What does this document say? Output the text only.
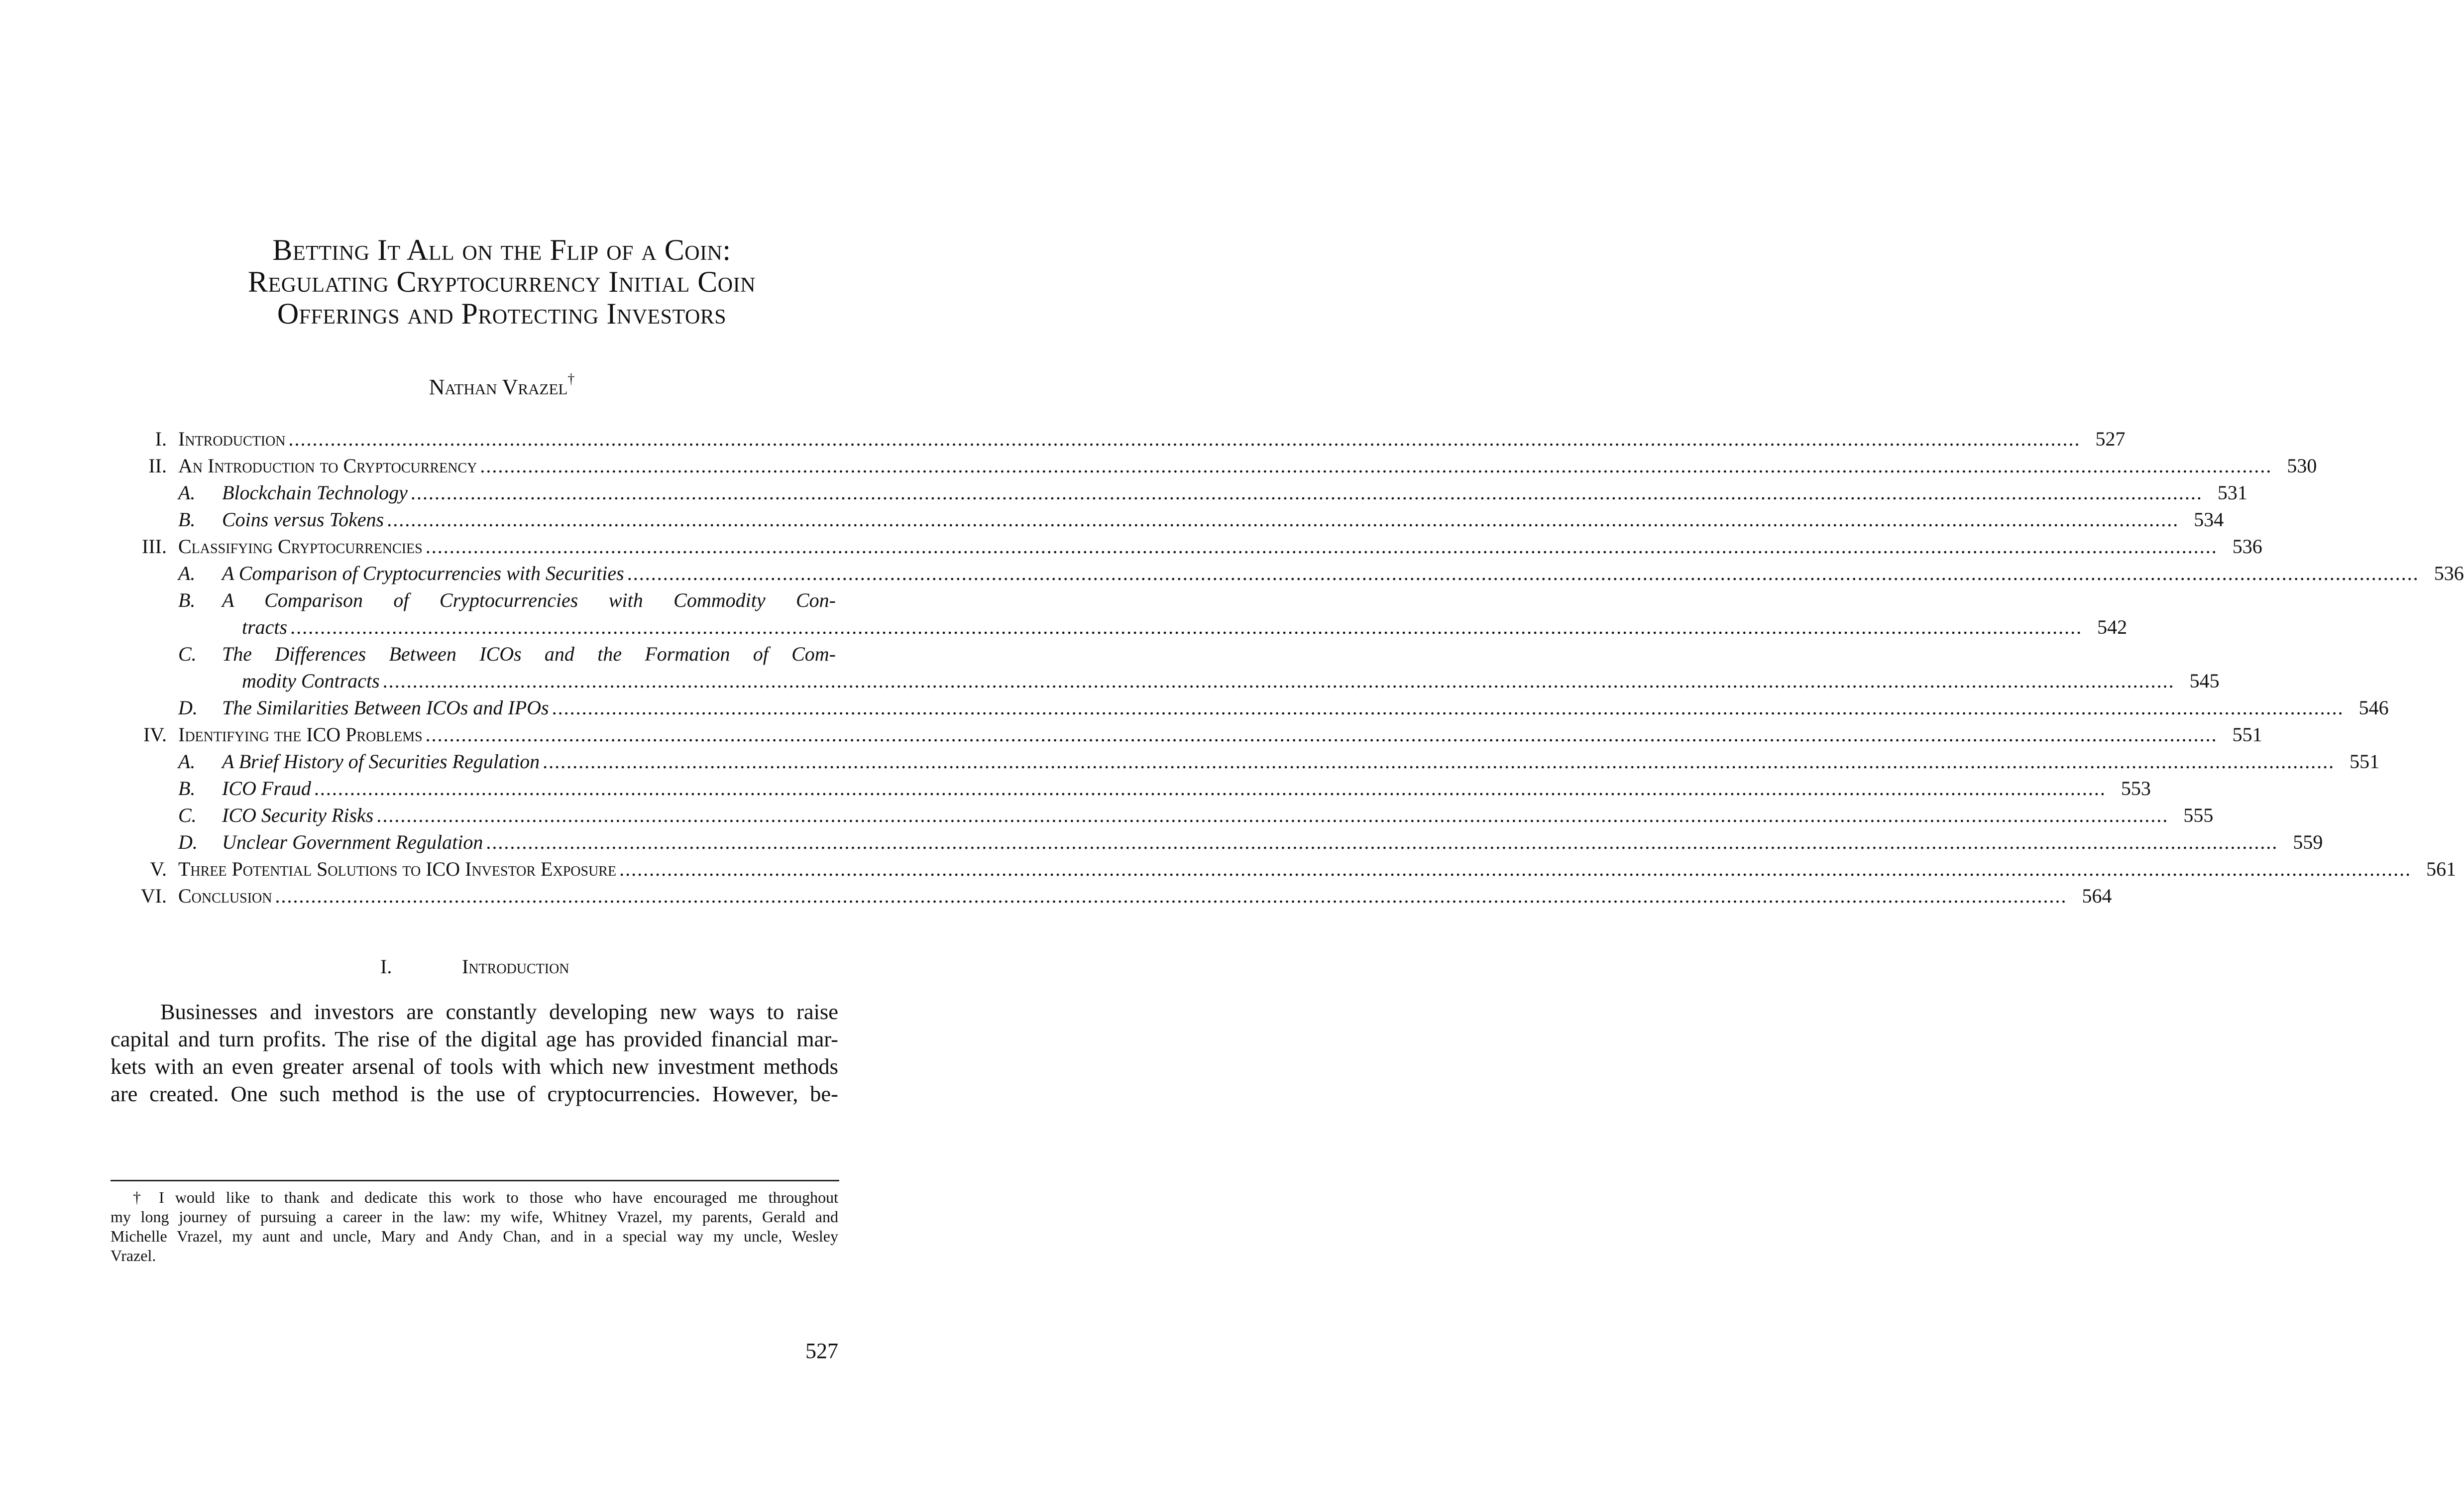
Betting It All on the Flip of a Coin:
Regulating Cryptocurrency Initial Coin
Offerings and Protecting Investors
Nathan Vrazel†
I. Introduction ............................................................................................................................................................................................................................................................................................................ 527
II. An Introduction to Cryptocurrency ............................................................................................................................................................................................................................................................................................................ 530
A. Blockchain Technology ............................................................................................................................................................................................................................................................................................................ 531
B. Coins versus Tokens ............................................................................................................................................................................................................................................................................................................ 534
III. Classifying Cryptocurrencies ............................................................................................................................................................................................................................................................................................................ 536
A. A Comparison of Cryptocurrencies with Securities ............................................................................................................................................................................................................................................................................................................ 536
B. A Comparison of Cryptocurrencies with Commodity Con-
tracts ............................................................................................................................................................................................................................................................................................................ 542
C. The Differences Between ICOs and the Formation of Com-
modity Contracts ............................................................................................................................................................................................................................................................................................................ 545
D. The Similarities Between ICOs and IPOs ............................................................................................................................................................................................................................................................................................................ 546
IV. Identifying the ICO Problems ............................................................................................................................................................................................................................................................................................................ 551
A. A Brief History of Securities Regulation ............................................................................................................................................................................................................................................................................................................ 551
B. ICO Fraud ............................................................................................................................................................................................................................................................................................................ 553
C. ICO Security Risks ............................................................................................................................................................................................................................................................................................................ 555
D. Unclear Government Regulation ............................................................................................................................................................................................................................................................................................................ 559
V. Three Potential Solutions to ICO Investor Exposure ............................................................................................................................................................................................................................................................................................................ 561
VI. Conclusion ............................................................................................................................................................................................................................................................................................................ 564
I.	Introduction
Businesses and investors are constantly developing new ways to raise
capital and turn profits. The rise of the digital age has provided financial mar-
kets with an even greater arsenal of tools with which new investment methods
are created. One such method is the use of cryptocurrencies. However, be-
† I would like to thank and dedicate this work to those who have encouraged me throughout
my long journey of pursuing a career in the law: my wife, Whitney Vrazel, my parents, Gerald and
Michelle Vrazel, my aunt and uncle, Mary and Andy Chan, and in a special way my uncle, Wesley
Vrazel.
527
